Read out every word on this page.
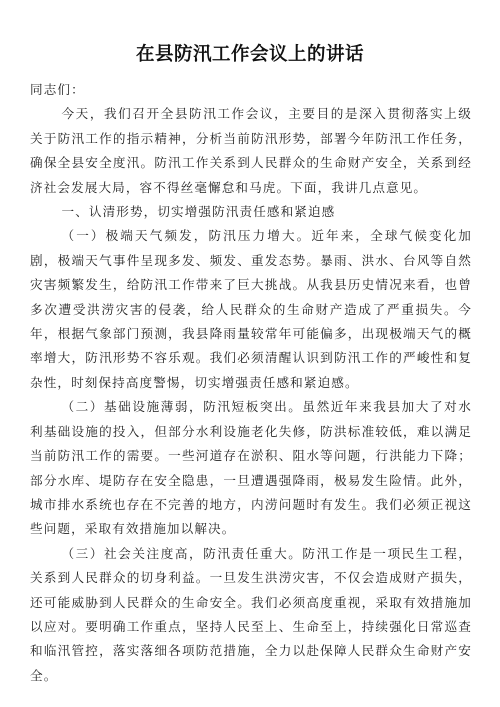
在县防汛工作会议上的讲话

同志们：

今天，我们召开全县防汛工作会议，主要目的是深入贯彻落实上级关于防汛工作的指示精神，分析当前防汛形势，部署今年防汛工作任务，确保全县安全度汛。防汛工作关系到人民群众的生命财产安全，关系到经济社会发展大局，容不得丝毫懈怠和马虎。下面，我讲几点意见。

一、认清形势，切实增强防汛责任感和紧迫感

（一）极端天气频发，防汛压力增大。近年来，全球气候变化加剧，极端天气事件呈现多发、频发、重发态势。暴雨、洪水、台风等自然灾害频繁发生，给防汛工作带来了巨大挑战。从我县历史情况来看，也曾多次遭受洪涝灾害的侵袭，给人民群众的生命财产造成了严重损失。今年，根据气象部门预测，我县降雨量较常年可能偏多，出现极端天气的概率增大，防汛形势不容乐观。我们必须清醒认识到防汛工作的严峻性和复杂性，时刻保持高度警惕，切实增强责任感和紧迫感。

（二）基础设施薄弱，防汛短板突出。虽然近年来我县加大了对水利基础设施的投入，但部分水利设施老化失修，防洪标准较低，难以满足当前防汛工作的需要。一些河道存在淤积、阻水等问题，行洪能力下降；部分水库、堤防存在安全隐患，一旦遭遇强降雨，极易发生险情。此外，城市排水系统也存在不完善的地方，内涝问题时有发生。我们必须正视这些问题，采取有效措施加以解决。

（三）社会关注度高，防汛责任重大。防汛工作是一项民生工程，关系到人民群众的切身利益。一旦发生洪涝灾害，不仅会造成财产损失，还可能威胁到人民群众的生命安全。我们必须高度重视，采取有效措施加以应对。要明确工作重点，坚持人民至上、生命至上，持续强化日常巡查和临汛管控，落实落细各项防范措施，全力以赴保障人民群众生命财产安全。
